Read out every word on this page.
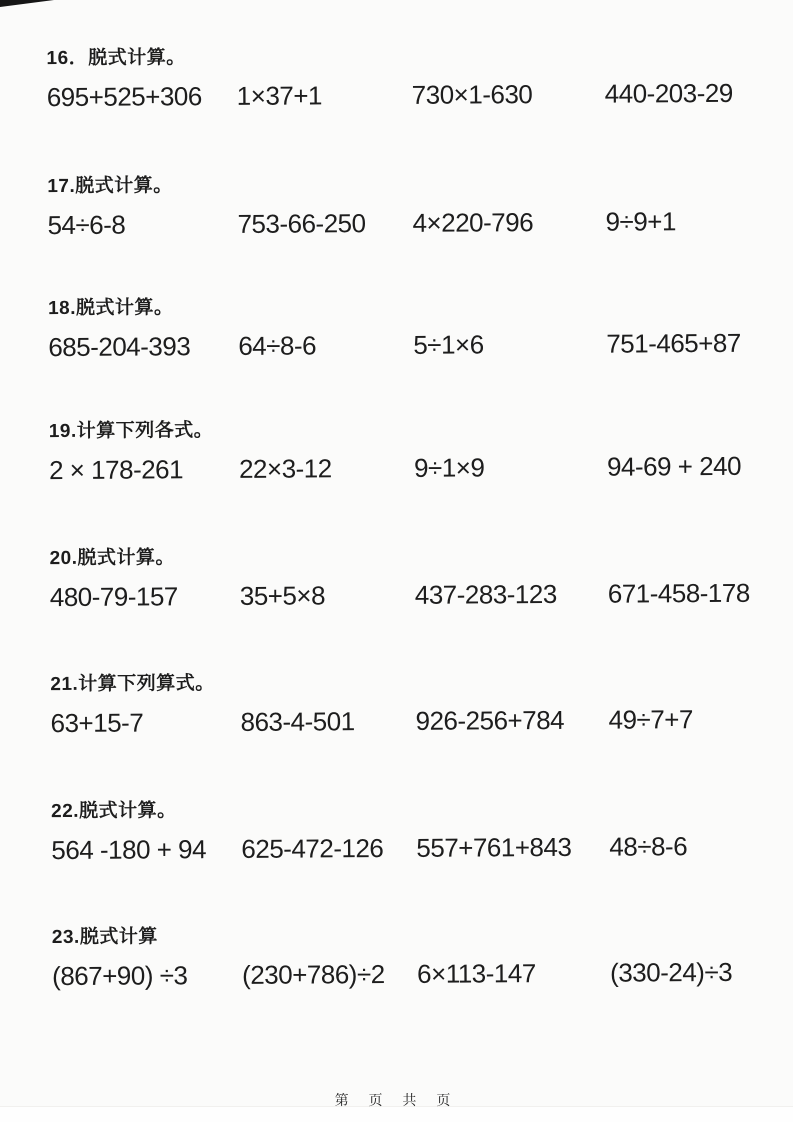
16．脱式计算。
695+525+306	1×37+1	730×1-630	440-203-29
17.脱式计算。
54÷6-8	753-66-250	4×220-796	9÷9+1
18.脱式计算。
685-204-393	64÷8-6	5÷1×6	751-465+87
19.计算下列各式。
2 × 178-261	22×3-12	9÷1×9	94-69 + 240
20.脱式计算。
480-79-157	35+5×8	437-283-123	671-458-178
21.计算下列算式。
63+15-7	863-4-501	926-256+784	49÷7+7
22.脱式计算。
564 -180 + 94	625-472-126	557+761+843	48÷8-6
23.脱式计算
(867+90) ÷3	(230+786)÷2	6×113-147	(330-24)÷3
第 页 共 页
